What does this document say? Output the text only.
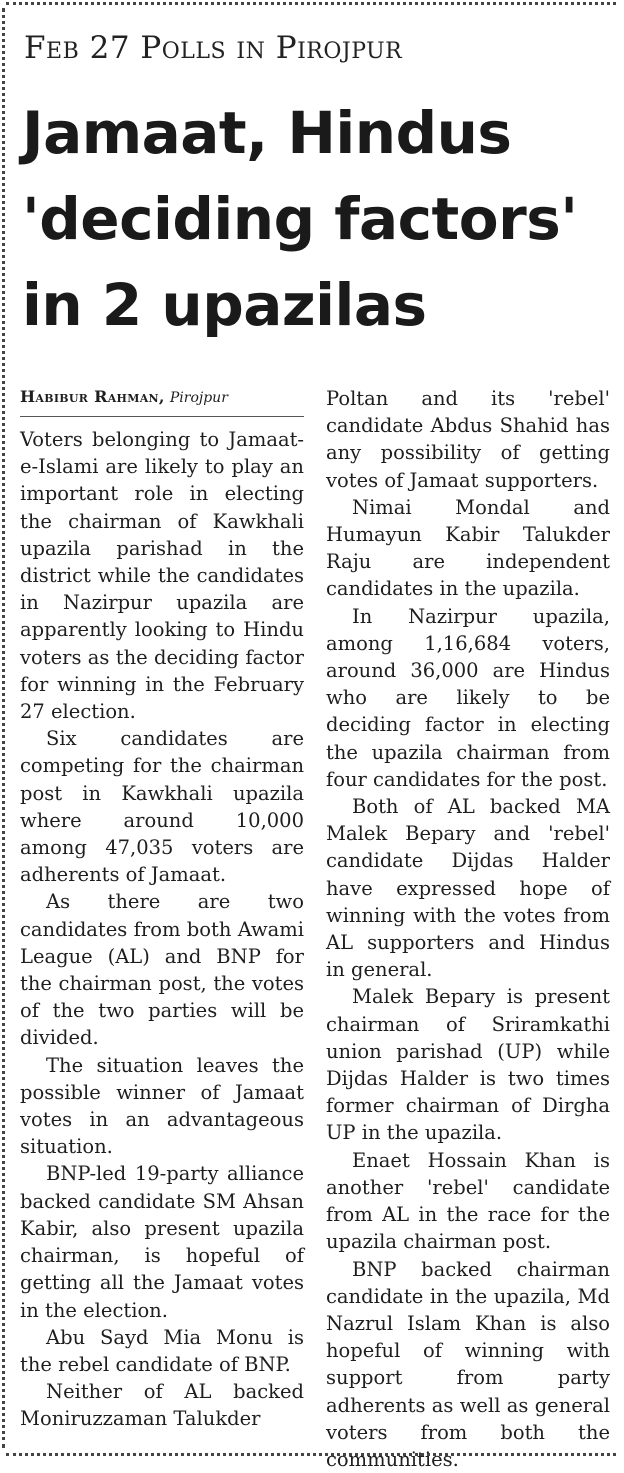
Feb 27 Polls in Pirojpur
Jamaat, Hindus
'deciding factors'
in 2 upazilas
Habibur Rahman, Pirojpur

Voters belonging to Jamaat-e-Islami are likely to play an important role in electing the chairman of Kawkhali upazila parishad in the district while the candidates in Nazirpur upazila are apparently looking to Hindu voters as the deciding factor for winning in the February 27 election.

Six candidates are competing for the chairman post in Kawkhali upazila where around 10,000 among 47,035 voters are adherents of Jamaat.

As there are two candidates from both Awami League (AL) and BNP for the chairman post, the votes of the two parties will be divided.

The situation leaves the possible winner of Jamaat votes in an advantageous situation.

BNP-led 19-party alliance backed candidate SM Ahsan Kabir, also present upazila chairman, is hopeful of getting all the Jamaat votes in the election.

Abu Sayd Mia Monu is the rebel candidate of BNP.

Neither of AL backed Moniruzzaman Talukder

Poltan and its 'rebel' candidate Abdus Shahid has any possibility of getting votes of Jamaat supporters.

Nimai Mondal and Humayun Kabir Talukder Raju are independent candidates in the upazila.

In Nazirpur upazila, among 1,16,684 voters, around 36,000 are Hindus who are likely to be deciding factor in electing the upazila chairman from four candidates for the post.

Both of AL backed MA Malek Bepary and 'rebel' candidate Dijdas Halder have expressed hope of winning with the votes from AL supporters and Hindus in general.

Malek Bepary is present chairman of Sriramkathi union parishad (UP) while Dijdas Halder is two times former chairman of Dirgha UP in the upazila.

Enaet Hossain Khan is another 'rebel' candidate from AL in the race for the upazila chairman post.

BNP backed chairman candidate in the upazila, Md Nazrul Islam Khan is also hopeful of winning with support from party adherents as well as general voters from both the communities.
